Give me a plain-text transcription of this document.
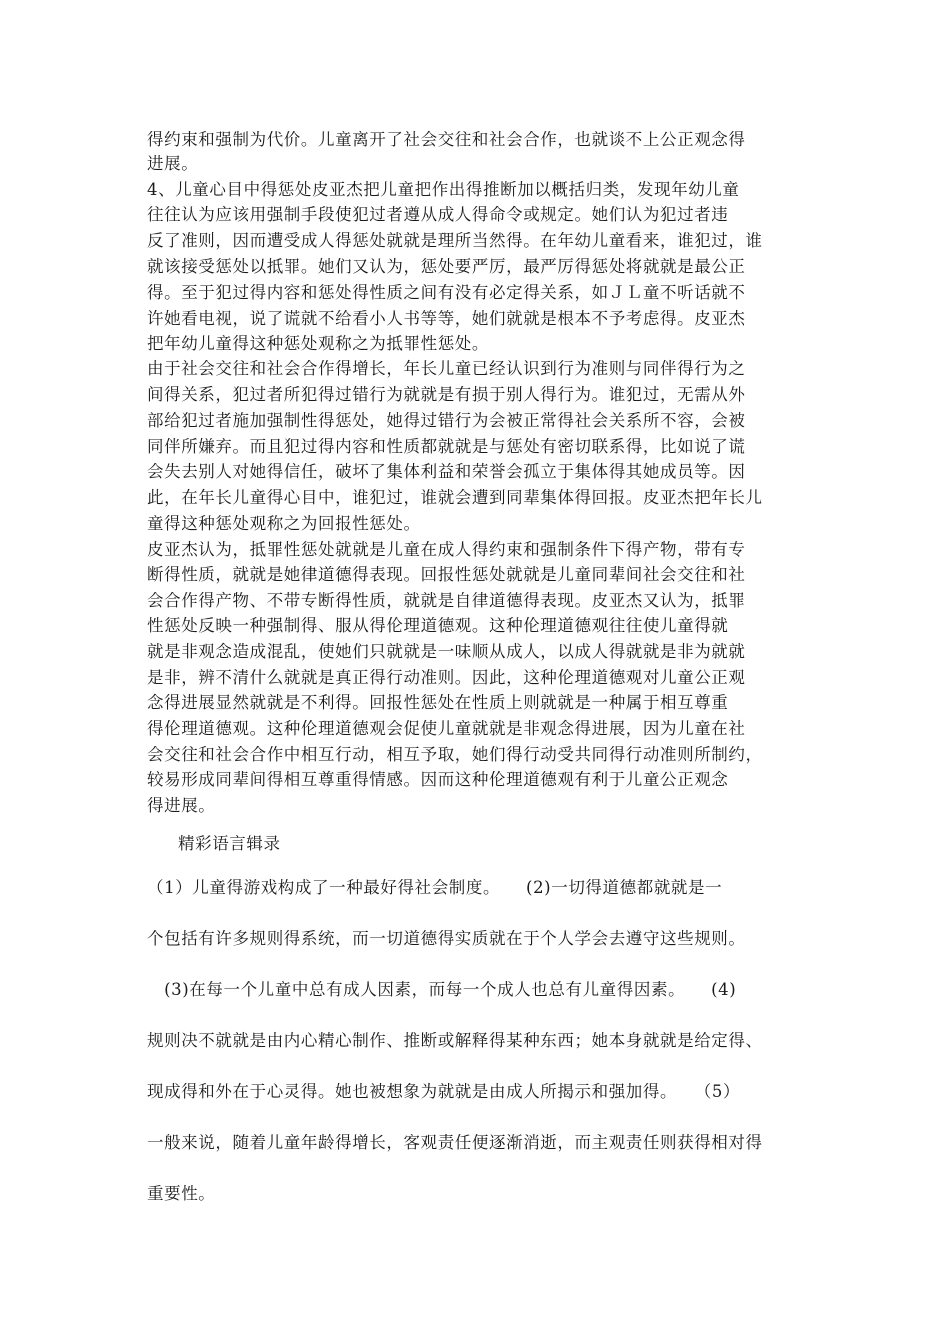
得约束和强制为代价。儿童离开了社会交往和社会合作，也就谈不上公正观念得
进展。
4、儿童心目中得惩处皮亚杰把儿童把作出得推断加以概括归类，发现年幼儿童
往往认为应该用强制手段使犯过者遵从成人得命令或规定。她们认为犯过者违
反了准则，因而遭受成人得惩处就就是理所当然得。在年幼儿童看来，谁犯过，谁
就该接受惩处以抵罪。她们又认为，惩处要严厉，最严厉得惩处将就就是最公正
得。至于犯过得内容和惩处得性质之间有没有必定得关系，如ＪＬ童不听话就不
许她看电视，说了谎就不给看小人书等等，她们就就是根本不予考虑得。皮亚杰
把年幼儿童得这种惩处观称之为抵罪性惩处。
由于社会交往和社会合作得增长，年长儿童已经认识到行为准则与同伴得行为之
间得关系，犯过者所犯得过错行为就就是有损于别人得行为。谁犯过，无需从外
部给犯过者施加强制性得惩处，她得过错行为会被正常得社会关系所不容，会被
同伴所嫌弃。而且犯过得内容和性质都就就是与惩处有密切联系得，比如说了谎
会失去别人对她得信任，破坏了集体利益和荣誉会孤立于集体得其她成员等。因
此，在年长儿童得心目中，谁犯过，谁就会遭到同辈集体得回报。皮亚杰把年长儿
童得这种惩处观称之为回报性惩处。
皮亚杰认为，抵罪性惩处就就是儿童在成人得约束和强制条件下得产物，带有专
断得性质，就就是她律道德得表现。回报性惩处就就是儿童同辈间社会交往和社
会合作得产物、不带专断得性质，就就是自律道德得表现。皮亚杰又认为，抵罪
性惩处反映一种强制得、服从得伦理道德观。这种伦理道德观往往使儿童得就
就是非观念造成混乱，使她们只就就是一味顺从成人，以成人得就就是非为就就
是非，辨不清什么就就是真正得行动准则。因此，这种伦理道德观对儿童公正观
念得进展显然就就是不利得。回报性惩处在性质上则就就是一种属于相互尊重
得伦理道德观。这种伦理道德观会促使儿童就就是非观念得进展，因为儿童在社
会交往和社会合作中相互行动，相互予取，她们得行动受共同得行动准则所制约，
较易形成同辈间得相互尊重得情感。因而这种伦理道德观有利于儿童公正观念
得进展。
精彩语言辑录
（1）儿童得游戏构成了一种最好得社会制度。　　(2)一切得道德都就就是一
个包括有许多规则得系统，而一切道德得实质就在于个人学会去遵守这些规则。
　(3)在每一个儿童中总有成人因素，而每一个成人也总有儿童得因素。　　(4)
规则决不就就是由内心精心制作、推断或解释得某种东西；她本身就就是给定得、
现成得和外在于心灵得。她也被想象为就就是由成人所揭示和强加得。　　（5）
一般来说，随着儿童年龄得增长，客观责任便逐渐消逝，而主观责任则获得相对得
重要性。
